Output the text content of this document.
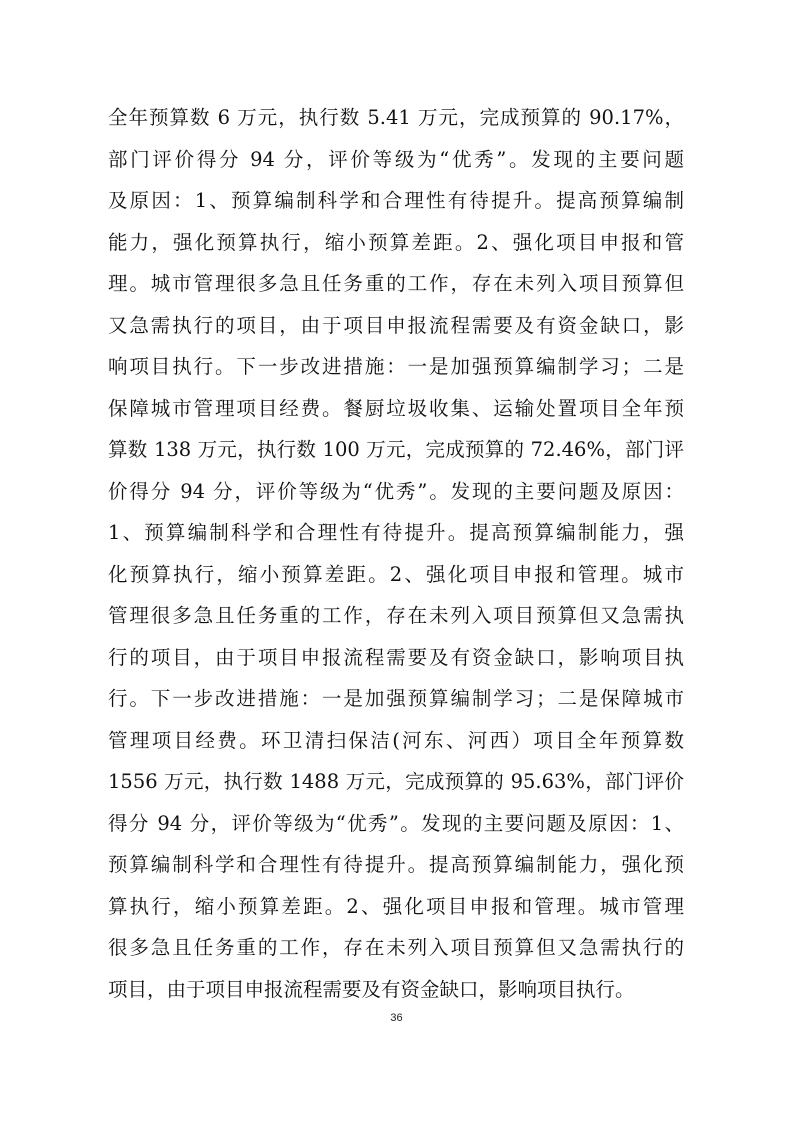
全年预算数 6 万元，执行数 5.41 万元，完成预算的 90.17%，
部门评价得分 94 分，评价等级为“优秀”。发现的主要问题
及原因：1、预算编制科学和合理性有待提升。提高预算编制
能力，强化预算执行，缩小预算差距。2、强化项目申报和管
理。城市管理很多急且任务重的工作，存在未列入项目预算但
又急需执行的项目，由于项目申报流程需要及有资金缺口，影
响项目执行。下一步改进措施：一是加强预算编制学习；二是
保障城市管理项目经费。餐厨垃圾收集、运输处置项目全年预
算数 138 万元，执行数 100 万元，完成预算的 72.46%，部门评
价得分 94 分，评价等级为“优秀”。发现的主要问题及原因：
1、预算编制科学和合理性有待提升。提高预算编制能力，强
化预算执行，缩小预算差距。2、强化项目申报和管理。城市
管理很多急且任务重的工作，存在未列入项目预算但又急需执
行的项目，由于项目申报流程需要及有资金缺口，影响项目执
行。下一步改进措施：一是加强预算编制学习；二是保障城市
管理项目经费。环卫清扫保洁(河东、河西）项目全年预算数
1556 万元，执行数 1488 万元，完成预算的 95.63%，部门评价
得分 94 分，评价等级为“优秀”。发现的主要问题及原因：1、
预算编制科学和合理性有待提升。提高预算编制能力，强化预
算执行，缩小预算差距。2、强化项目申报和管理。城市管理
很多急且任务重的工作，存在未列入项目预算但又急需执行的
项目，由于项目申报流程需要及有资金缺口，影响项目执行。
36
